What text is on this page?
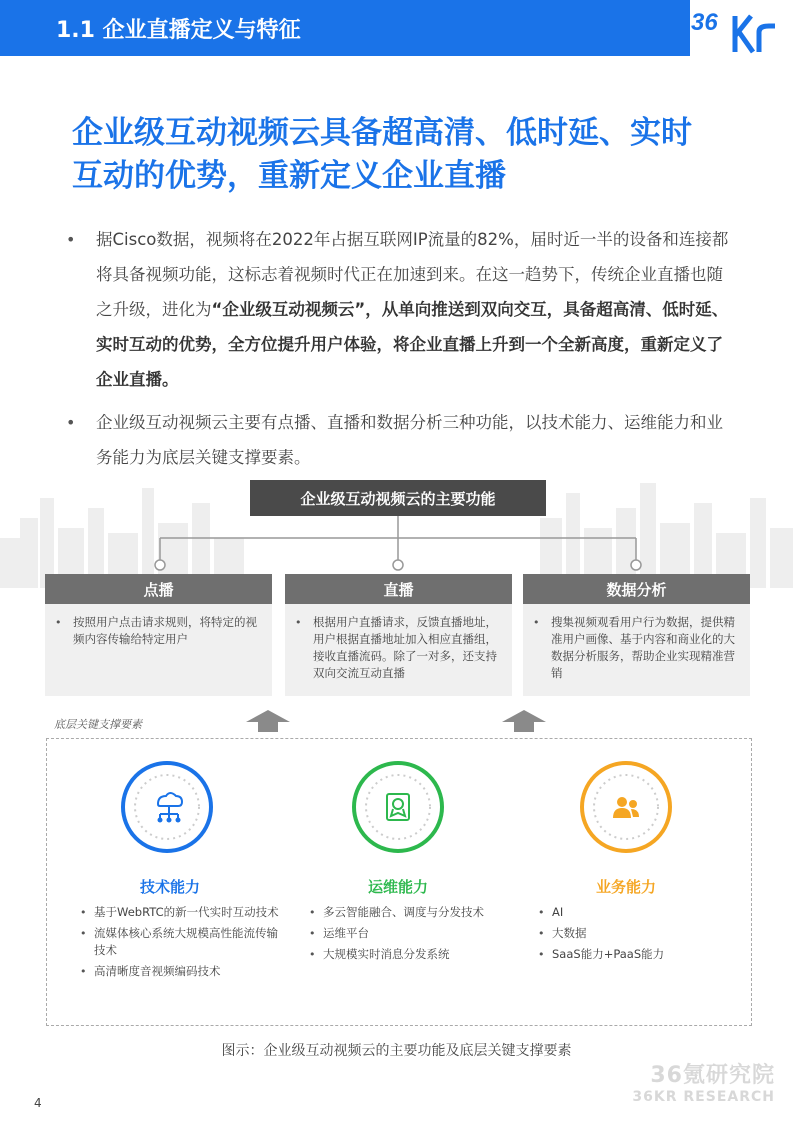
1.1 企业直播定义与特征	36
企业级互动视频云具备超高清、低时延、实时
互动的优势，重新定义企业直播
•	据Cisco数据，视频将在2022年占据互联网IP流量的82%，届时近一半的设备和连接都将具备视频功能，这标志着视频时代正在加速到来。在这一趋势下，传统企业直播也随之升级，进化为“企业级互动视频云”，从单向推送到双向交互，具备超高清、低时延、实时互动的优势，全方位提升用户体验，将企业直播上升到一个全新高度，重新定义了企业直播。
•	企业级互动视频云主要有点播、直播和数据分析三种功能，以技术能力、运维能力和业务能力为底层关键支撑要素。
企业级互动视频云的主要功能
点播
•	按照用户点击请求规则，将特定的视频内容传输给特定用户
直播
•	根据用户直播请求，反馈直播地址，用户根据直播地址加入相应直播组，接收直播流码。除了一对多，还支持双向交流互动直播
数据分析
•	搜集视频观看用户行为数据，提供精准用户画像、基于内容和商业化的大数据分析服务，帮助企业实现精准营销
底层关键支撑要素
技术能力
• 基于WebRTC的新一代实时互动技术
• 流媒体核心系统大规模高性能流传输技术
• 高清晰度音视频编码技术
运维能力
• 多云智能融合、调度与分发技术
• 运维平台
• 大规模实时消息分发系统
业务能力
• AI
• 大数据
• SaaS能力+PaaS能力
图示：企业级互动视频云的主要功能及底层关键支撑要素
36氪研究院
36KR RESEARCH
4
